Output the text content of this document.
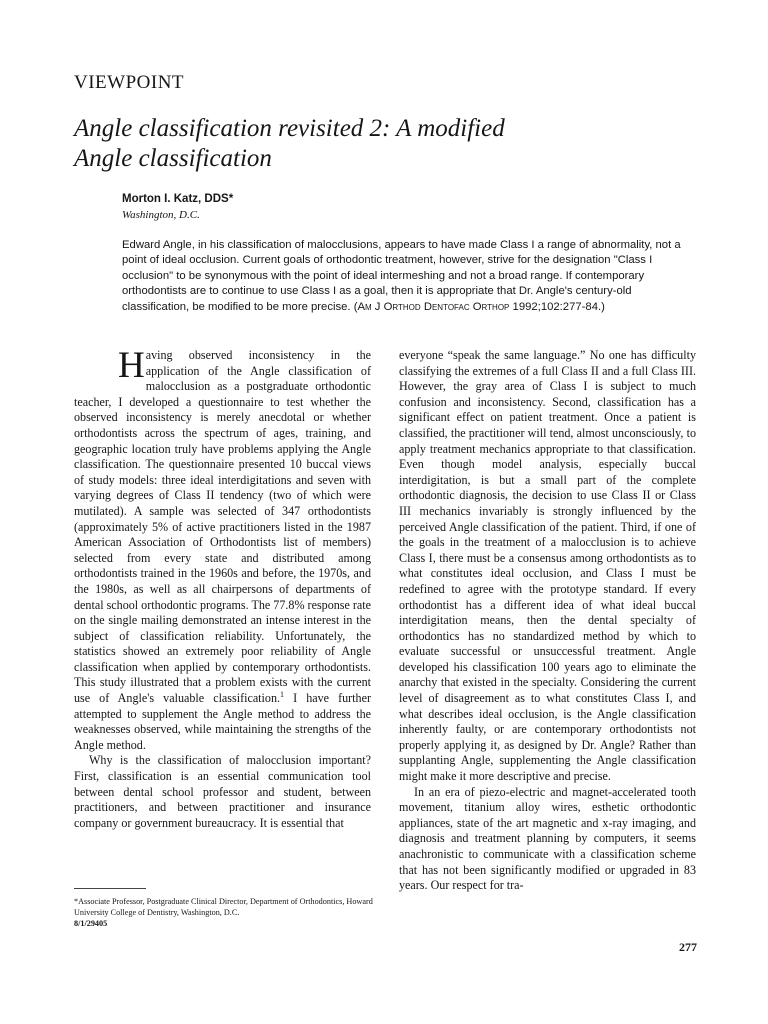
VIEWPOINT
Angle classification revisited 2: A modified
Angle classification
Morton I. Katz, DDS*
Washington, D.C.

Edward Angle, in his classification of malocclusions, appears to have made Class I a range of abnormality, not a point of ideal occlusion. Current goals of orthodontic treatment, however, strive for the designation "Class I occlusion" to be synonymous with the point of ideal intermeshing and not a broad range. If contemporary orthodontists are to continue to use Class I as a goal, then it is appropriate that Dr. Angle's century-old classification, be modified to be more precise. (Am J Orthod Dentofac Orthop 1992;102:277-84.)

Having observed inconsistency in the application of the Angle classification of malocclusion as a postgraduate orthodontic teacher, I developed a questionnaire to test whether the observed inconsistency is merely anecdotal or whether orthodontists across the spectrum of ages, training, and geographic location truly have problems applying the Angle classification. The questionnaire presented 10 buccal views of study models: three ideal interdigitations and seven with varying degrees of Class II tendency (two of which were mutilated). A sample was selected of 347 orthodontists (approximately 5% of active practitioners listed in the 1987 American Association of Orthodontists list of members) selected from every state and distributed among orthodontists trained in the 1960s and before, the 1970s, and the 1980s, as well as all chairpersons of departments of dental school orthodontic programs. The 77.8% response rate on the single mailing demonstrated an intense interest in the subject of classification reliability. Unfortunately, the statistics showed an extremely poor reliability of Angle classification when applied by contemporary orthodontists. This study illustrated that a problem exists with the current use of Angle's valuable classification.$^1$ I have further attempted to supplement the Angle method to address the weaknesses observed, while maintaining the strengths of the Angle method.

Why is the classification of malocclusion important? First, classification is an essential communication tool between dental school professor and student, between practitioners, and between practitioner and insurance company or government bureaucracy. It is essential that

everyone “speak the same language.” No one has difficulty classifying the extremes of a full Class II and a full Class III. However, the gray area of Class I is subject to much confusion and inconsistency. Second, classification has a significant effect on patient treatment. Once a patient is classified, the practitioner will tend, almost unconsciously, to apply treatment mechanics appropriate to that classification. Even though model analysis, especially buccal interdigitation, is but a small part of the complete orthodontic diagnosis, the decision to use Class II or Class III mechanics invariably is strongly influenced by the perceived Angle classification of the patient. Third, if one of the goals in the treatment of a malocclusion is to achieve Class I, there must be a consensus among orthodontists as to what constitutes ideal occlusion, and Class I must be redefined to agree with the prototype standard. If every orthodontist has a different idea of what ideal buccal interdigitation means, then the dental specialty of orthodontics has no standardized method by which to evaluate successful or unsuccessful treatment. Angle developed his classification 100 years ago to eliminate the anarchy that existed in the specialty. Considering the current level of disagreement as to what constitutes Class I, and what describes ideal occlusion, is the Angle classification inherently faulty, or are contemporary orthodontists not properly applying it, as designed by Dr. Angle? Rather than supplanting Angle, supplementing the Angle classification might make it more descriptive and precise.

In an era of piezo-electric and magnet-accelerated tooth movement, titanium alloy wires, esthetic orthodontic appliances, state of the art magnetic and x-ray imaging, and diagnosis and treatment planning by computers, it seems anachronistic to communicate with a classification scheme that has not been significantly modified or upgraded in 83 years. Our respect for tra-

*Associate Professor, Postgraduate Clinical Director, Department of Orthodontics, Howard University College of Dentistry, Washington, D.C.
8/1/29405
277
